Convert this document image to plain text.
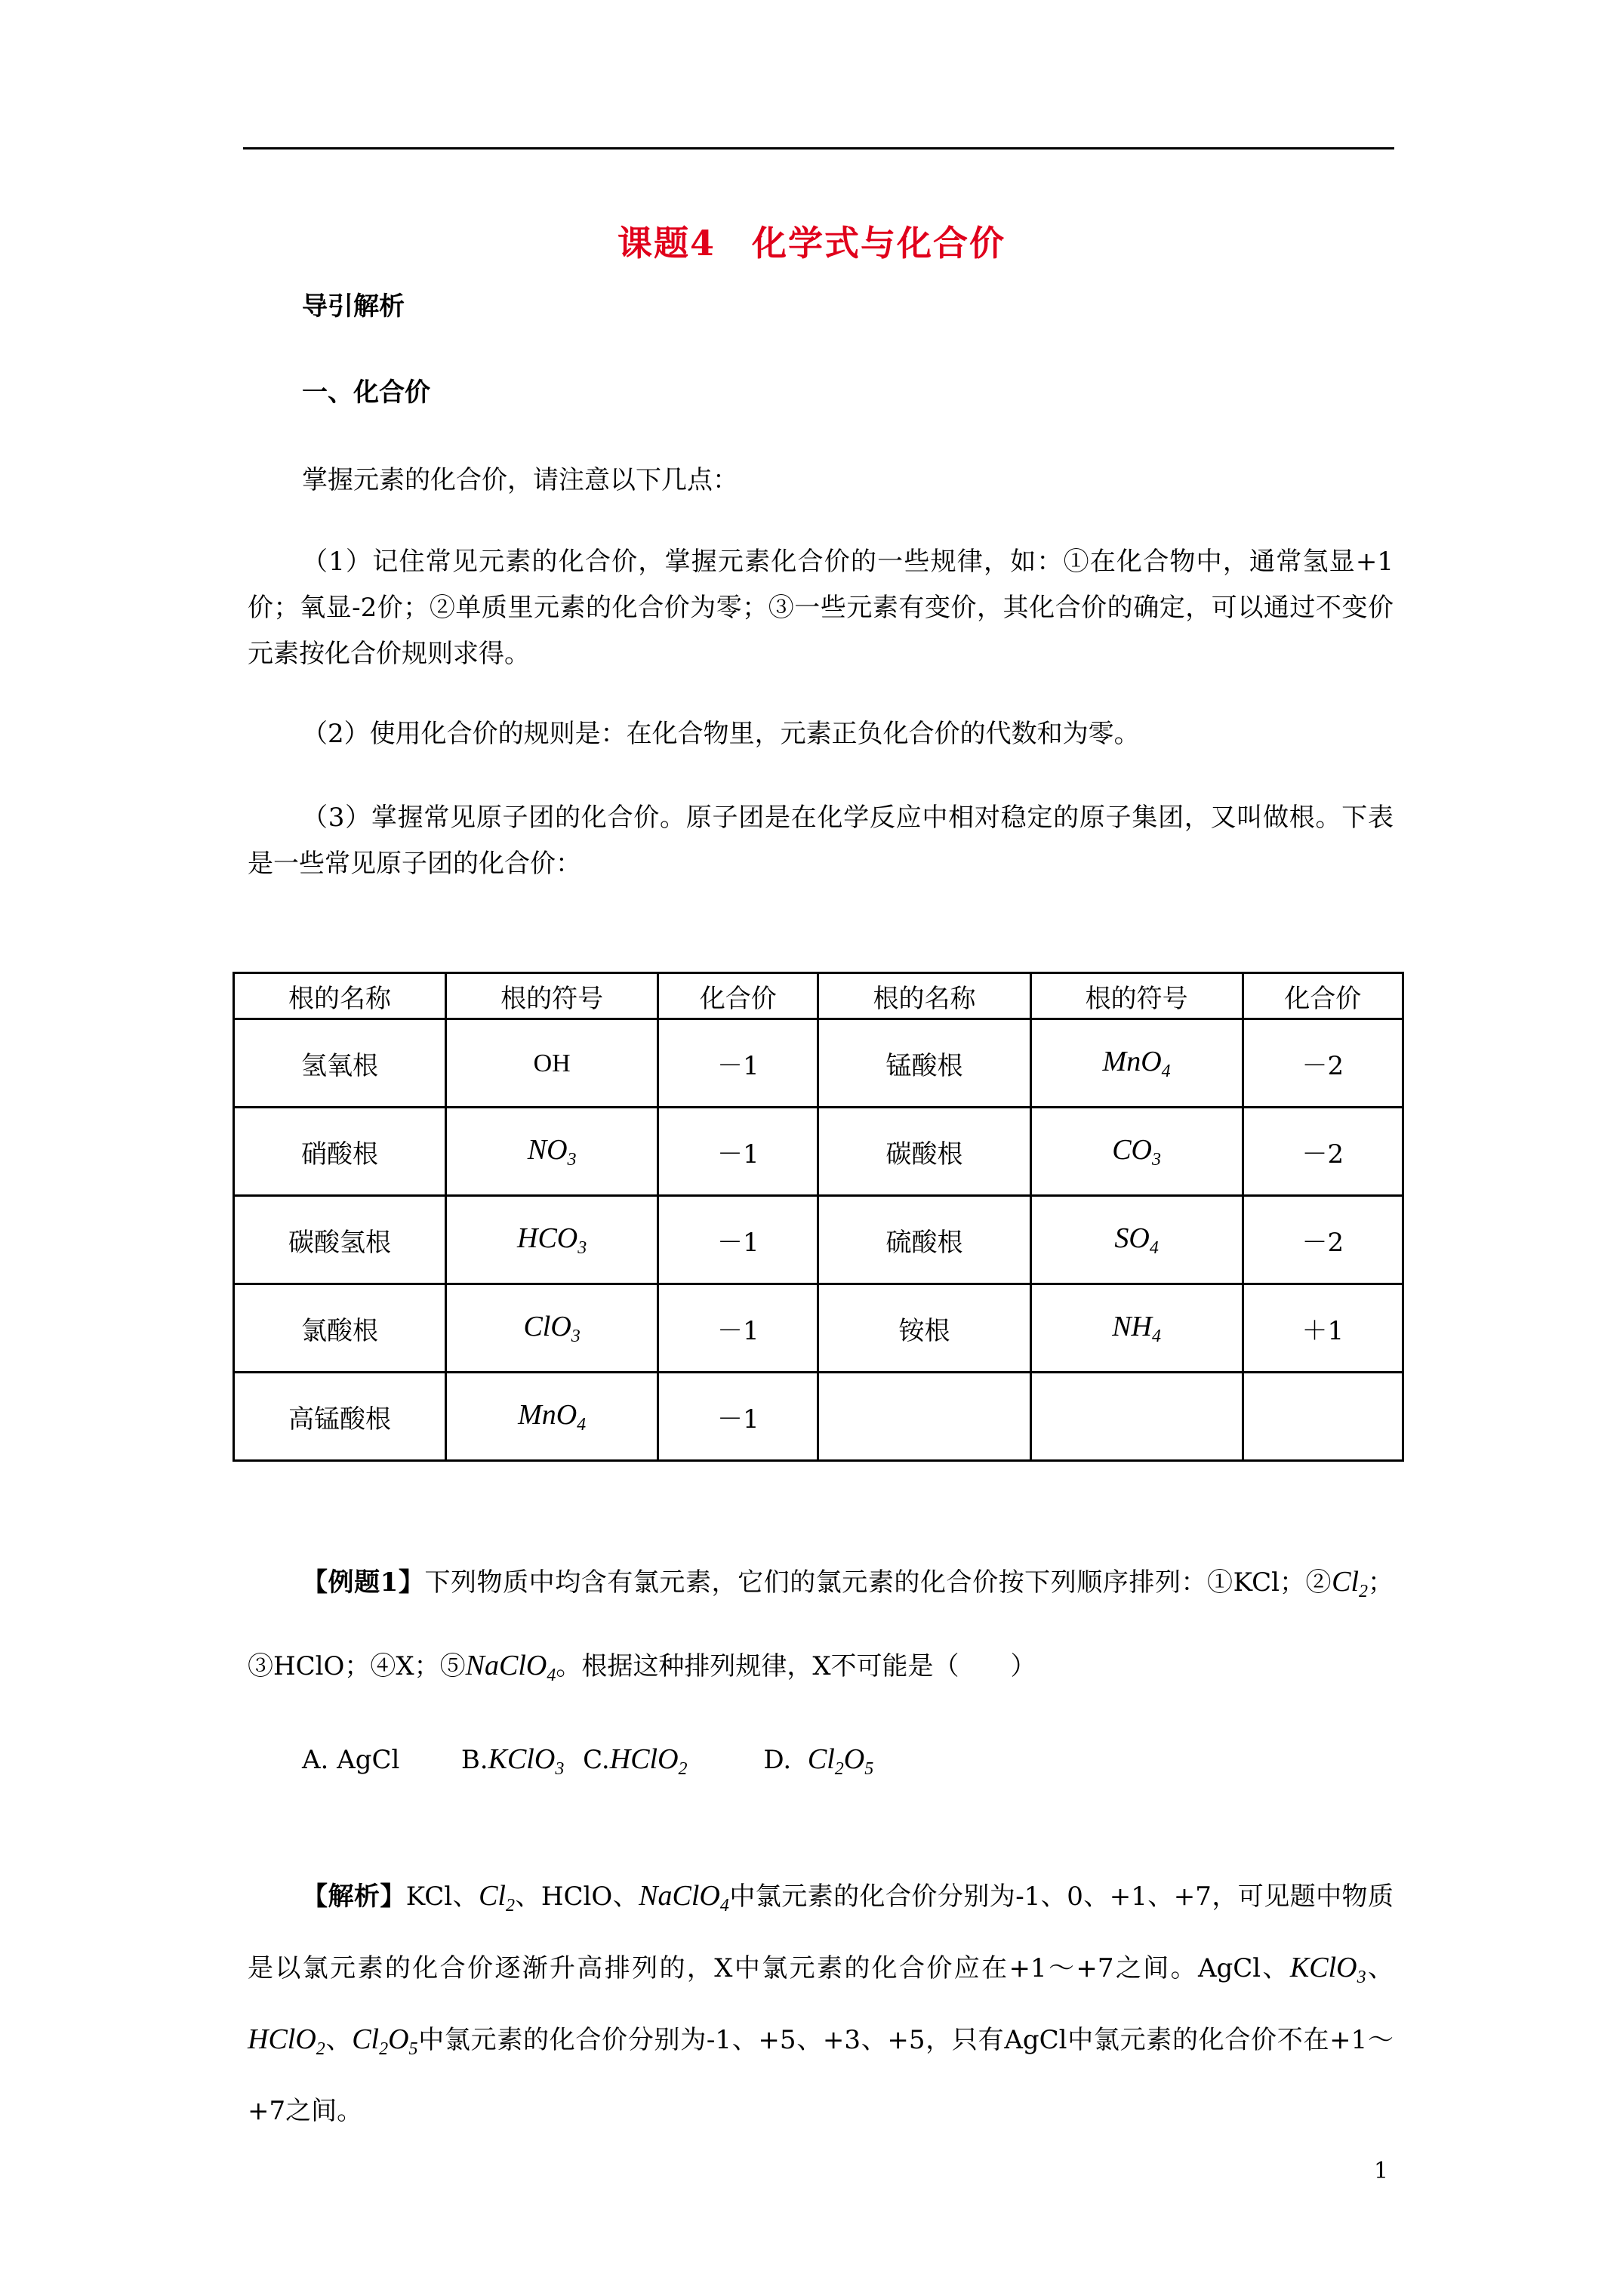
课题4　化学式与化合价
导引解析
一、化合价
掌握元素的化合价，请注意以下几点：
（1）记住常见元素的化合价，掌握元素化合价的一些规律，如：①在化合物中，通常氢显+1价；氧显-2价；②单质里元素的化合价为零；③一些元素有变价，其化合价的确定，可以通过不变价元素按化合价规则求得。
（2）使用化合价的规则是：在化合物里，元素正负化合价的代数和为零。
（3）掌握常见原子团的化合价。原子团是在化学反应中相对稳定的原子集团，又叫做根。下表是一些常见原子团的化合价：
根的名称	根的符号	化合价	根的名称	根的符号	化合价
氢氧根	OH	－1	锰酸根	MnO$_4$	－2
硝酸根	$NO_3$	－1	碳酸根	$CO_3$	－2
碳酸氢根	$HCO_3$	－1	硫酸根	$SO_4$	－2
氯酸根	ClO$_3$	－1	铵根	$NH_4$	＋1
高锰酸根	MnO$_4$	－1			
【例题1】下列物质中均含有氯元素，它们的氯元素的化合价按下列顺序排列：①KCl；$②Cl_2$；③HClO；④X；⑤NaClO$_4$。根据这种排列规律，X不可能是（　　）
A. AgCl B.KClO$_3$ C.HClO$_2$	D. $Cl_2O_5$
【解析】KCl、$Cl_2$、HClO、NaClO$_4$中氯元素的化合价分别为-1、0、+1、+7，可见题中物质是以氯元素的化合价逐渐升高排列的，X中氯元素的化合价应在+1～+7之间。AgCl、KClO$_3$、HClO$_2$、$Cl_2O_5$中氯元素的化合价分别为-1、+5、+3、+5，只有AgCl中氯元素的化合价不在+1～+7之间。
1
